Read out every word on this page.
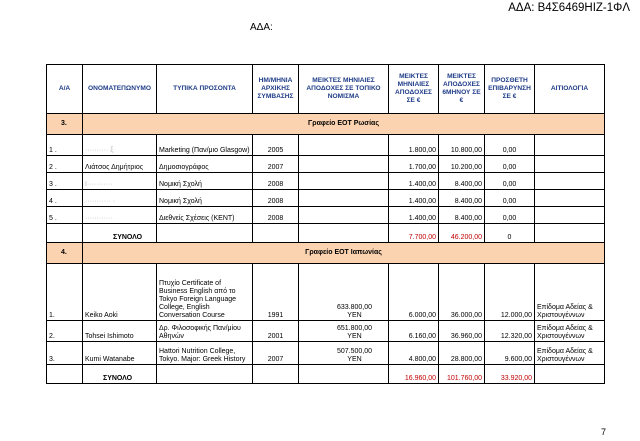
ΑΔΑ: Β4Σ6469ΗΙΖ-1ΦΛ
ΑΔΑ:
Α/Α	ΟΝΟΜΑΤΕΠΩΝΥΜΟ	ΤΥΠΙΚΑ ΠΡΟΣΟΝΤΑ	ΗΜ/ΜΗΝΙΑ ΑΡΧΙΚΗΣ ΣΥΜΒΑΣΗΣ	ΜΕΙΚΤΕΣ ΜΗΝΙΑΙΕΣ ΑΠΟΔΟΧΕΣ ΣΕ ΤΟΠΙΚΟ ΝΟΜΙΣΜΑ	ΜΕΙΚΤΕΣ ΜΗΝΙΑΙΕΣ ΑΠΟΔΟΧΕΣ ΣΕ €	ΜΕΙΚΤΕΣ ΑΠΟΔΟΧΕΣ 6ΜΗΝΟΥ ΣΕ €	ΠΡΟΣΘΕΤΗ ΕΠΙΒΑΡΥΝΣΗ ΣΕ €	ΑΙΤΙΟΛΟΓΙΑ
3.	Γραφείο ΕΟΤ Ρωσίας							
1 .	·········· ξ	Marketing (Παν/μιο Glasgow)	2005		1.800,00	10.800,00	0,00	
2 .	Λιάτσος Δημήτριος	Δημοσιογράφος	2007		1.700,00	10.200,00	0,00	
3 .	Ι···········	Νομική Σχολή	2008		1.400,00	8.400,00	0,00	
4 .	··········· ·	Νομική Σχολή	2008		1.400,00	8.400,00	0,00	
5 .	············	Διεθνείς Σχέσεις (ΚΕΝΤ)	2008		1.400,00	8.400,00	0,00	
	ΣΥΝΟΛΟ				7.700,00	46.200,00	0	
4.	Γραφείο ΕΟΤ Ιαπωνίας							
1.	Keiko Aoki	Πτυχίο Certificate of Business English από το Tokyo Foreign Language College, English Conversation Course	1991	633.800,00 YEN	6.000,00	36.000,00	12.000,00	Επίδομα Αδείας & Χριστουγέννων
2.	Tohsei Ishimoto	Δρ. Φιλοσοφικής Παν/μίου Αθηνών	2001	651.800,00 YEN	6.160,00	36.960,00	12.320,00	Επίδομα Αδείας & Χριστουγέννων
3.	Kumi Watanabe	Hattori Nutrition College, Tokyo. Major: Greek History	2007	507.500,00 YEN	4.800,00	28.800,00	9.600,00	Επίδομα Αδείας & Χριστουγέννων
	ΣΥΝΟΛΟ				16.960,00	101.760,00	33.920,00	
7
